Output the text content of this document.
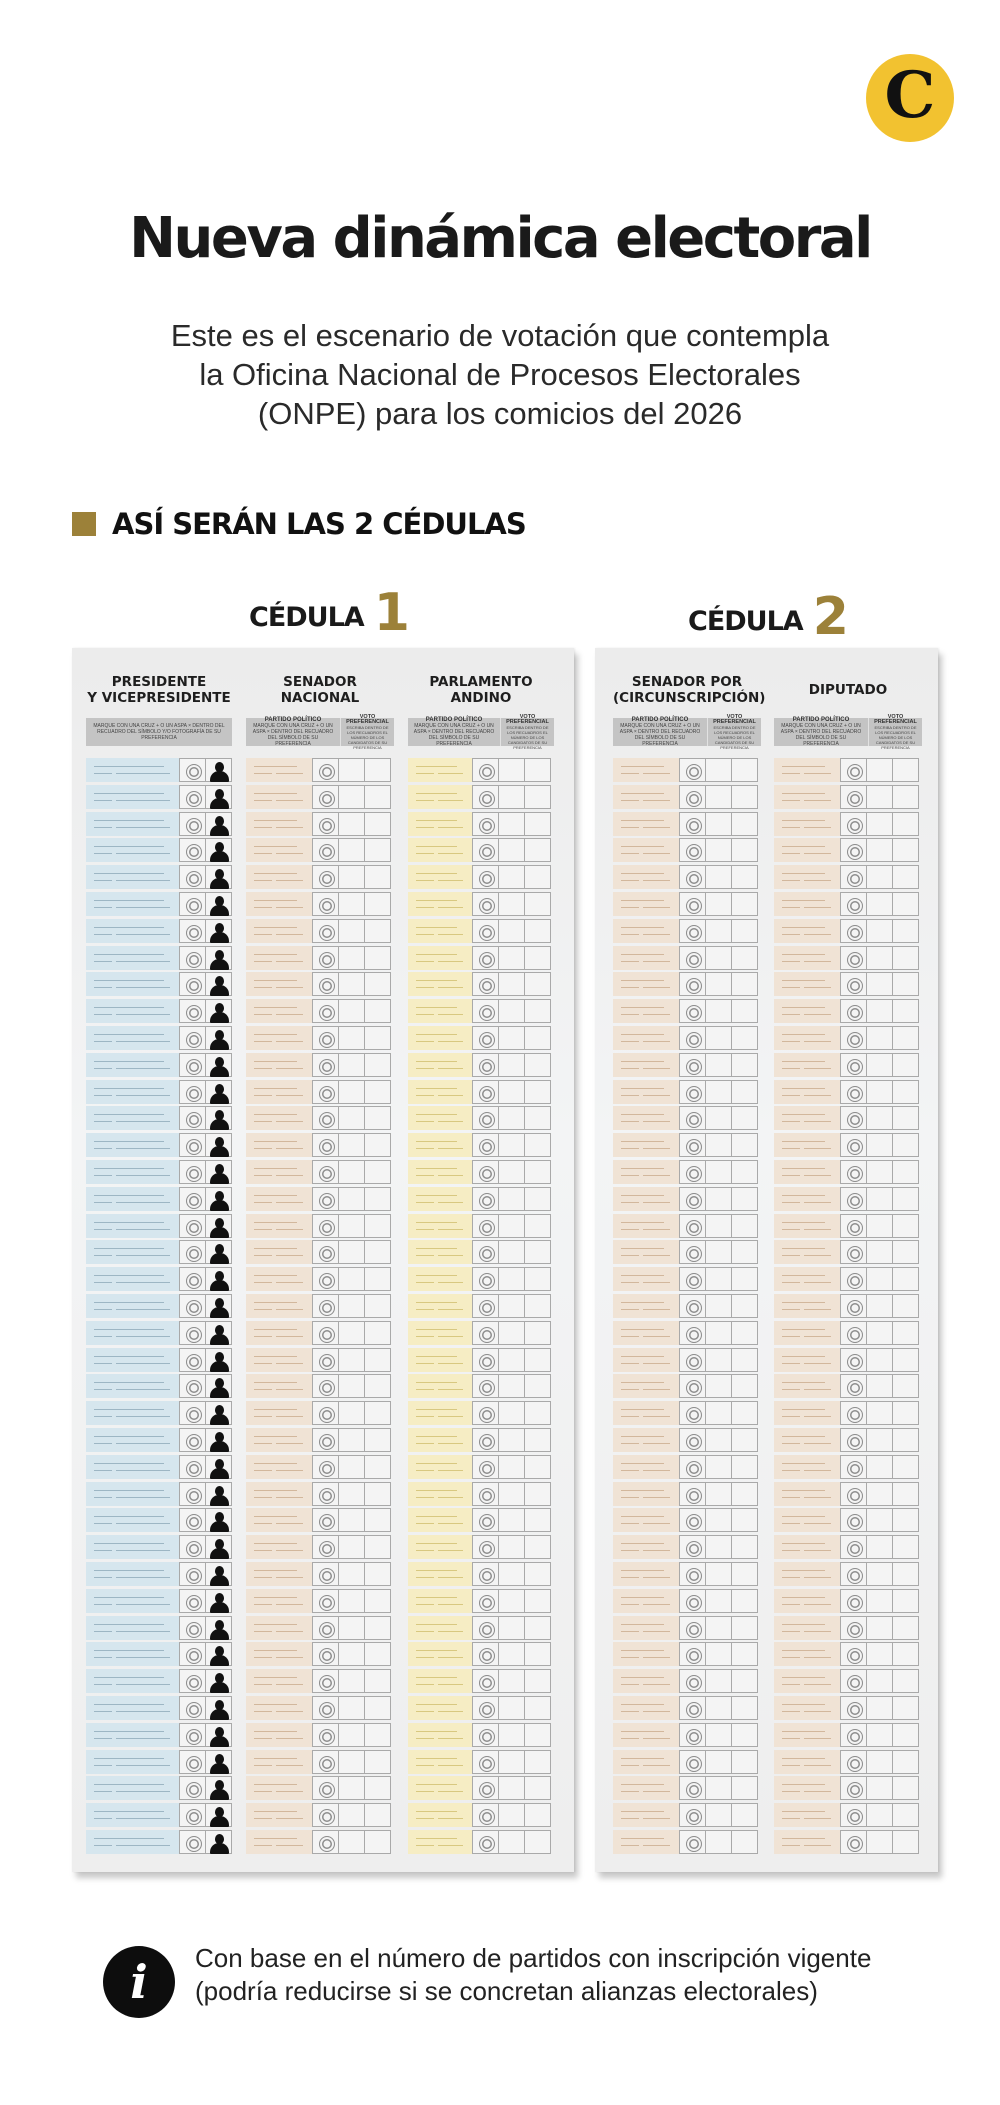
C
Nueva dinámica electoral
Este es el escenario de votación que contempla
la Oficina Nacional de Procesos Electorales
(ONPE) para los comicios del 2026
ASÍ SERÁN LAS 2 CÉDULAS
CÉDULA 1	CÉDULA 2
PRESIDENTE
Y VICEPRESIDENTE
SENADOR
NACIONAL
PARLAMENTO
ANDINO
MARQUE CON UNA CRUZ + O UN ASPA × DENTRO DEL RECUADRO DEL SÍMBOLO Y/O FOTOGRAFÍA DE SU PREFERENCIA
PARTIDO POLÍTICO
MARQUE CON UNA CRUZ + O UN ASPA × DENTRO DEL RECUADRO DEL SÍMBOLO DE SU PREFERENCIA
VOTO PREFERENCIAL
ESCRIBA DENTRO DE LOS RECUADROS EL NÚMERO DE LOS CANDIDATOS DE SU PREFERENCIA
PARTIDO POLÍTICO
MARQUE CON UNA CRUZ + O UN ASPA × DENTRO DEL RECUADRO DEL SÍMBOLO DE SU PREFERENCIA
VOTO PREFERENCIAL
ESCRIBA DENTRO DE LOS RECUADROS EL NÚMERO DE LOS CANDIDATOS DE SU PREFERENCIA
SENADOR POR
(CIRCUNSCRIPCIÓN)	DIPUTADO
PARTIDO POLÍTICO
MARQUE CON UNA CRUZ + O UN ASPA × DENTRO DEL RECUADRO DEL SÍMBOLO DE SU PREFERENCIA
VOTO PREFERENCIAL
ESCRIBA DENTRO DE LOS RECUADROS EL NÚMERO DE LOS CANDIDATOS DE SU PREFERENCIA
PARTIDO POLÍTICO
MARQUE CON UNA CRUZ + O UN ASPA × DENTRO DEL RECUADRO DEL SÍMBOLO DE SU PREFERENCIA
VOTO PREFERENCIAL
ESCRIBA DENTRO DE LOS RECUADROS EL NÚMERO DE LOS CANDIDATOS DE SU PREFERENCIA
i Con base en el número de partidos con inscripción vigente
(podría reducirse si se concretan alianzas electorales)
